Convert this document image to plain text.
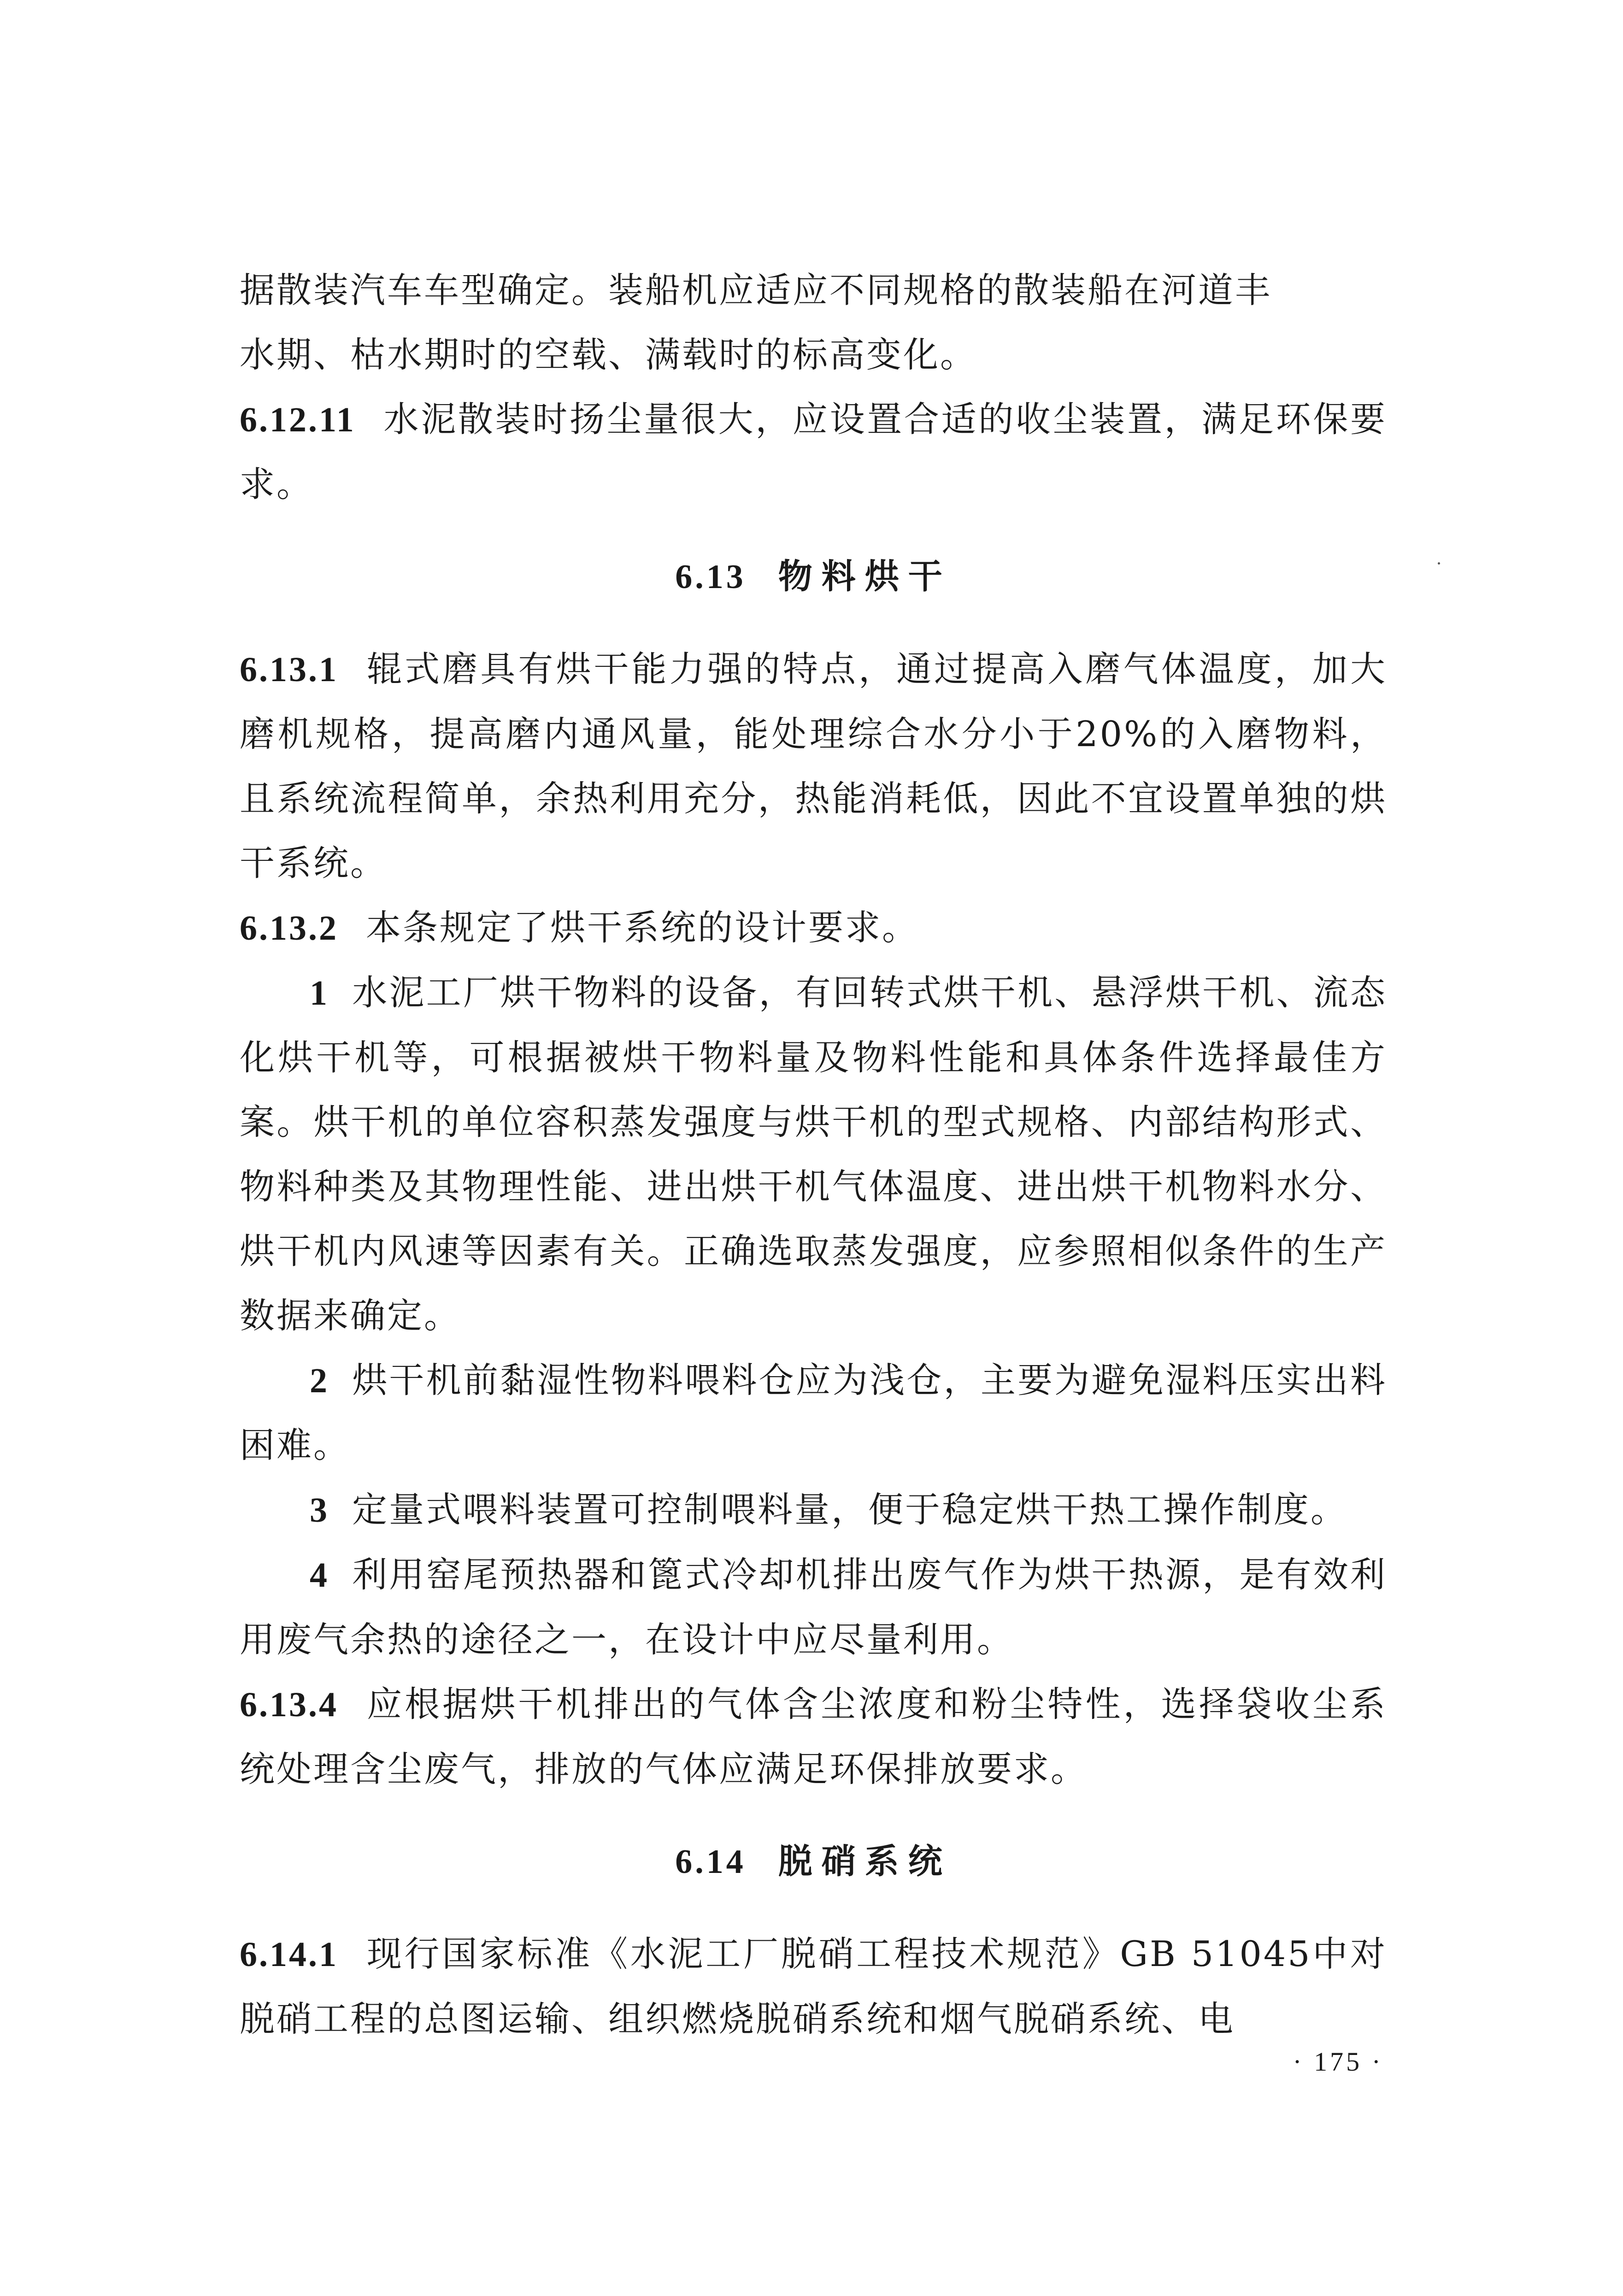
据散装汽车车型确定。装船机应适应不同规格的散装船在河道丰
水期、枯水期时的空载、满载时的标高变化。

6.12.11 水泥散装时扬尘量很大，应设置合适的收尘装置，满足环保要求。

6.13 物料烘干

6.13.1 辊式磨具有烘干能力强的特点，通过提高入磨气体温度，加大磨机规格，提高磨内通风量，能处理综合水分小于20%的入磨物料，且系统流程简单，余热利用充分，热能消耗低，因此不宜设置单独的烘干系统。

6.13.2 本条规定了烘干系统的设计要求。

1 水泥工厂烘干物料的设备，有回转式烘干机、悬浮烘干机、流态化烘干机等，可根据被烘干物料量及物料性能和具体条件选择最佳方案。烘干机的单位容积蒸发强度与烘干机的型式规格、内部结构形式、物料种类及其物理性能、进出烘干机气体温度、进出烘干机物料水分、烘干机内风速等因素有关。正确选取蒸发强度，应参照相似条件的生产数据来确定。

2 烘干机前黏湿性物料喂料仓应为浅仓，主要为避免湿料压实出料困难。

3 定量式喂料装置可控制喂料量，便于稳定烘干热工操作制度。

4 利用窑尾预热器和篦式冷却机排出废气作为烘干热源，是有效利用废气余热的途径之一，在设计中应尽量利用。

6.13.4 应根据烘干机排出的气体含尘浓度和粉尘特性，选择袋收尘系统处理含尘废气，排放的气体应满足环保排放要求。

6.14 脱硝系统

6.14.1 现行国家标准《水泥工厂脱硝工程技术规范》GB 51045中对脱硝工程的总图运输、组织燃烧脱硝系统和烟气脱硝系统、电

· 175 ·
